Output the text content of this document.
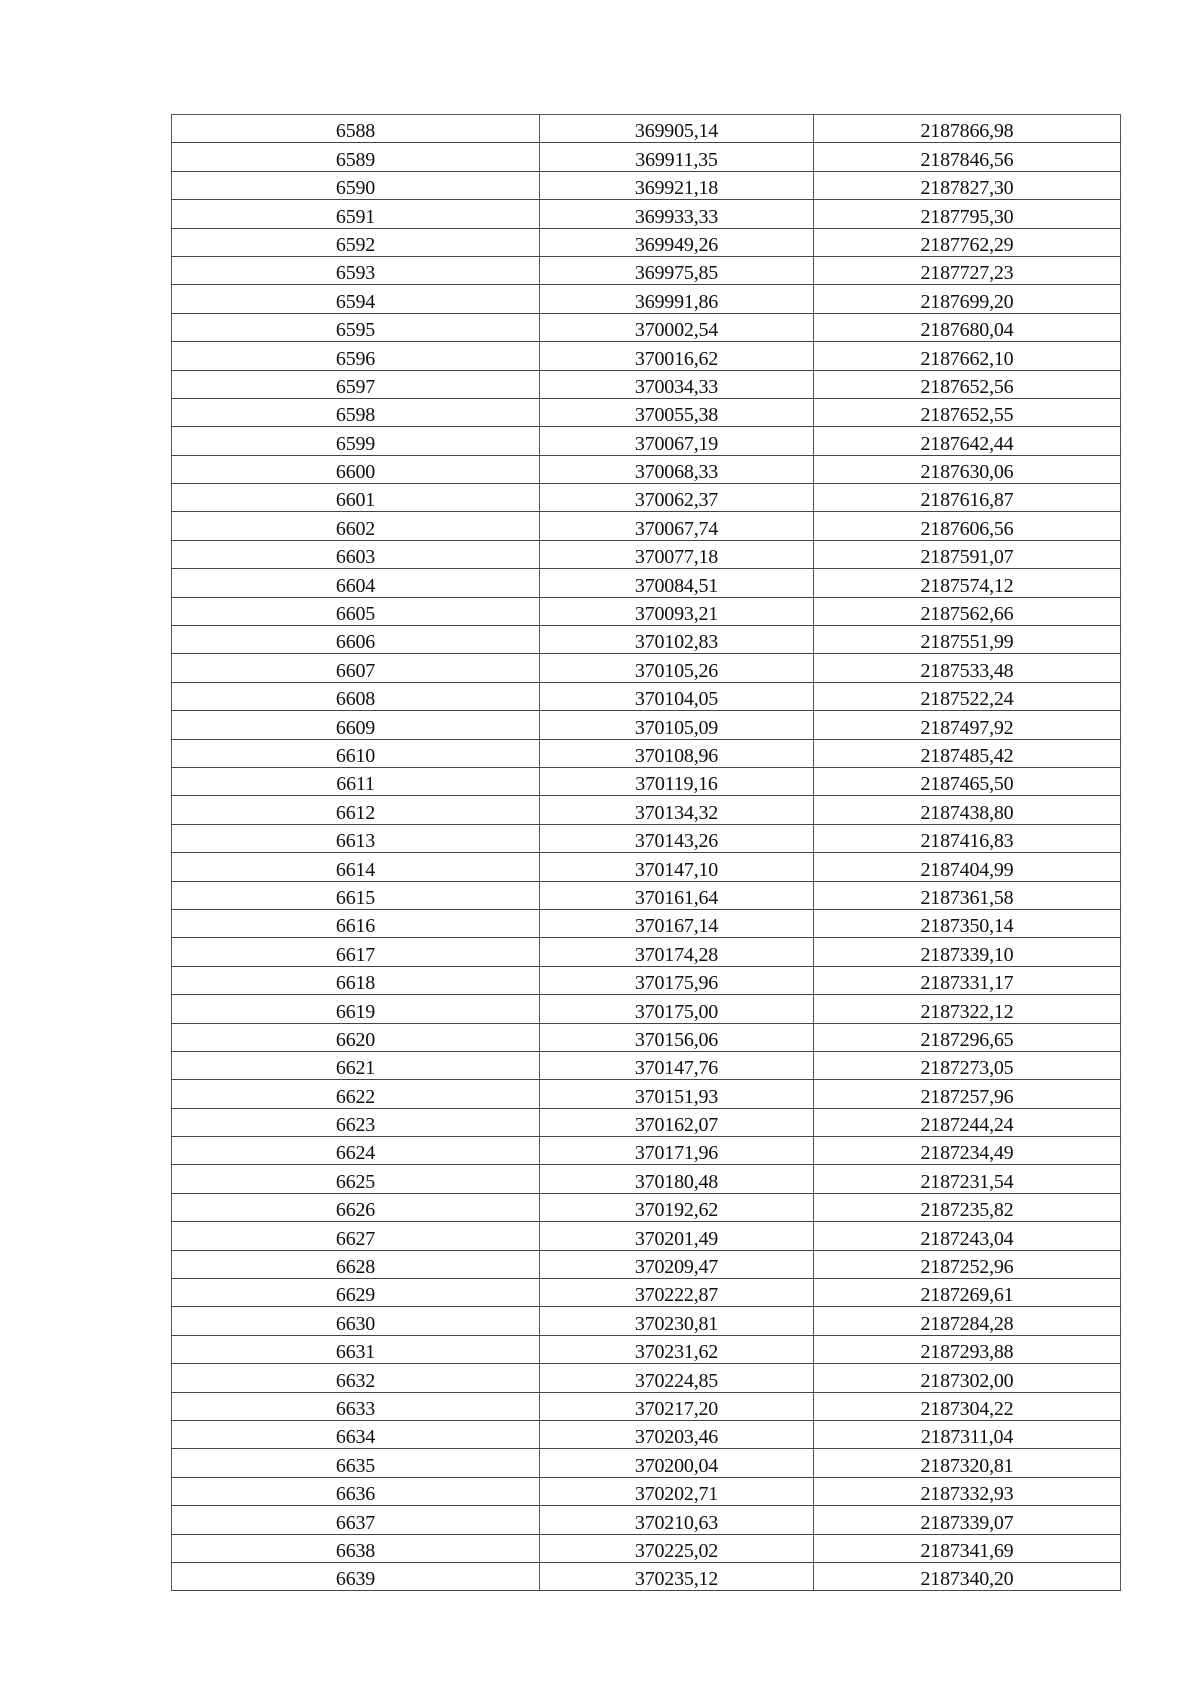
6588	369905,14	2187866,98
6589	369911,35	2187846,56
6590	369921,18	2187827,30
6591	369933,33	2187795,30
6592	369949,26	2187762,29
6593	369975,85	2187727,23
6594	369991,86	2187699,20
6595	370002,54	2187680,04
6596	370016,62	2187662,10
6597	370034,33	2187652,56
6598	370055,38	2187652,55
6599	370067,19	2187642,44
6600	370068,33	2187630,06
6601	370062,37	2187616,87
6602	370067,74	2187606,56
6603	370077,18	2187591,07
6604	370084,51	2187574,12
6605	370093,21	2187562,66
6606	370102,83	2187551,99
6607	370105,26	2187533,48
6608	370104,05	2187522,24
6609	370105,09	2187497,92
6610	370108,96	2187485,42
6611	370119,16	2187465,50
6612	370134,32	2187438,80
6613	370143,26	2187416,83
6614	370147,10	2187404,99
6615	370161,64	2187361,58
6616	370167,14	2187350,14
6617	370174,28	2187339,10
6618	370175,96	2187331,17
6619	370175,00	2187322,12
6620	370156,06	2187296,65
6621	370147,76	2187273,05
6622	370151,93	2187257,96
6623	370162,07	2187244,24
6624	370171,96	2187234,49
6625	370180,48	2187231,54
6626	370192,62	2187235,82
6627	370201,49	2187243,04
6628	370209,47	2187252,96
6629	370222,87	2187269,61
6630	370230,81	2187284,28
6631	370231,62	2187293,88
6632	370224,85	2187302,00
6633	370217,20	2187304,22
6634	370203,46	2187311,04
6635	370200,04	2187320,81
6636	370202,71	2187332,93
6637	370210,63	2187339,07
6638	370225,02	2187341,69
6639	370235,12	2187340,20
